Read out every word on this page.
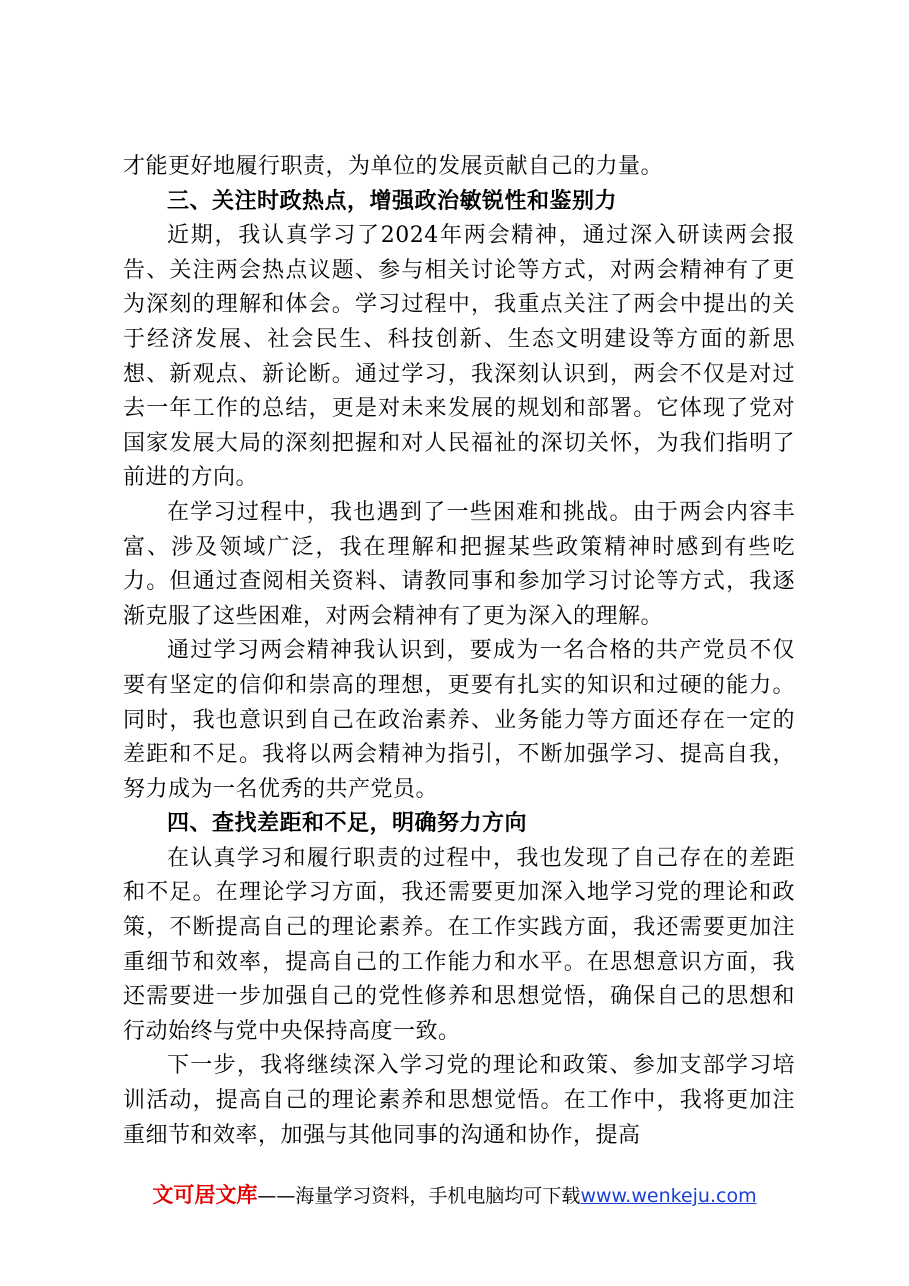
才能更好地履行职责，为单位的发展贡献自己的力量。

三、关注时政热点，增强政治敏锐性和鉴别力

近期，我认真学习了2024年两会精神，通过深入研读两会报告、关注两会热点议题、参与相关讨论等方式，对两会精神有了更为深刻的理解和体会。学习过程中，我重点关注了两会中提出的关于经济发展、社会民生、科技创新、生态文明建设等方面的新思想、新观点、新论断。通过学习，我深刻认识到，两会不仅是对过去一年工作的总结，更是对未来发展的规划和部署。它体现了党对国家发展大局的深刻把握和对人民福祉的深切关怀，为我们指明了前进的方向。

在学习过程中，我也遇到了一些困难和挑战。由于两会内容丰富、涉及领域广泛，我在理解和把握某些政策精神时感到有些吃力。但通过查阅相关资料、请教同事和参加学习讨论等方式，我逐渐克服了这些困难，对两会精神有了更为深入的理解。

通过学习两会精神我认识到，要成为一名合格的共产党员不仅要有坚定的信仰和崇高的理想，更要有扎实的知识和过硬的能力。同时，我也意识到自己在政治素养、业务能力等方面还存在一定的差距和不足。我将以两会精神为指引，不断加强学习、提高自我，努力成为一名优秀的共产党员。

四、查找差距和不足，明确努力方向

在认真学习和履行职责的过程中，我也发现了自己存在的差距和不足。在理论学习方面，我还需要更加深入地学习党的理论和政策，不断提高自己的理论素养。在工作实践方面，我还需要更加注重细节和效率，提高自己的工作能力和水平。在思想意识方面，我还需要进一步加强自己的党性修养和思想觉悟，确保自己的思想和行动始终与党中央保持高度一致。

下一步，我将继续深入学习党的理论和政策、参加支部学习培训活动，提高自己的理论素养和思想觉悟。在工作中，我将更加注重细节和效率，加强与其他同事的沟通和协作，提高

文可居文库——海量学习资料，手机电脑均可下载www.wenkeju.com
